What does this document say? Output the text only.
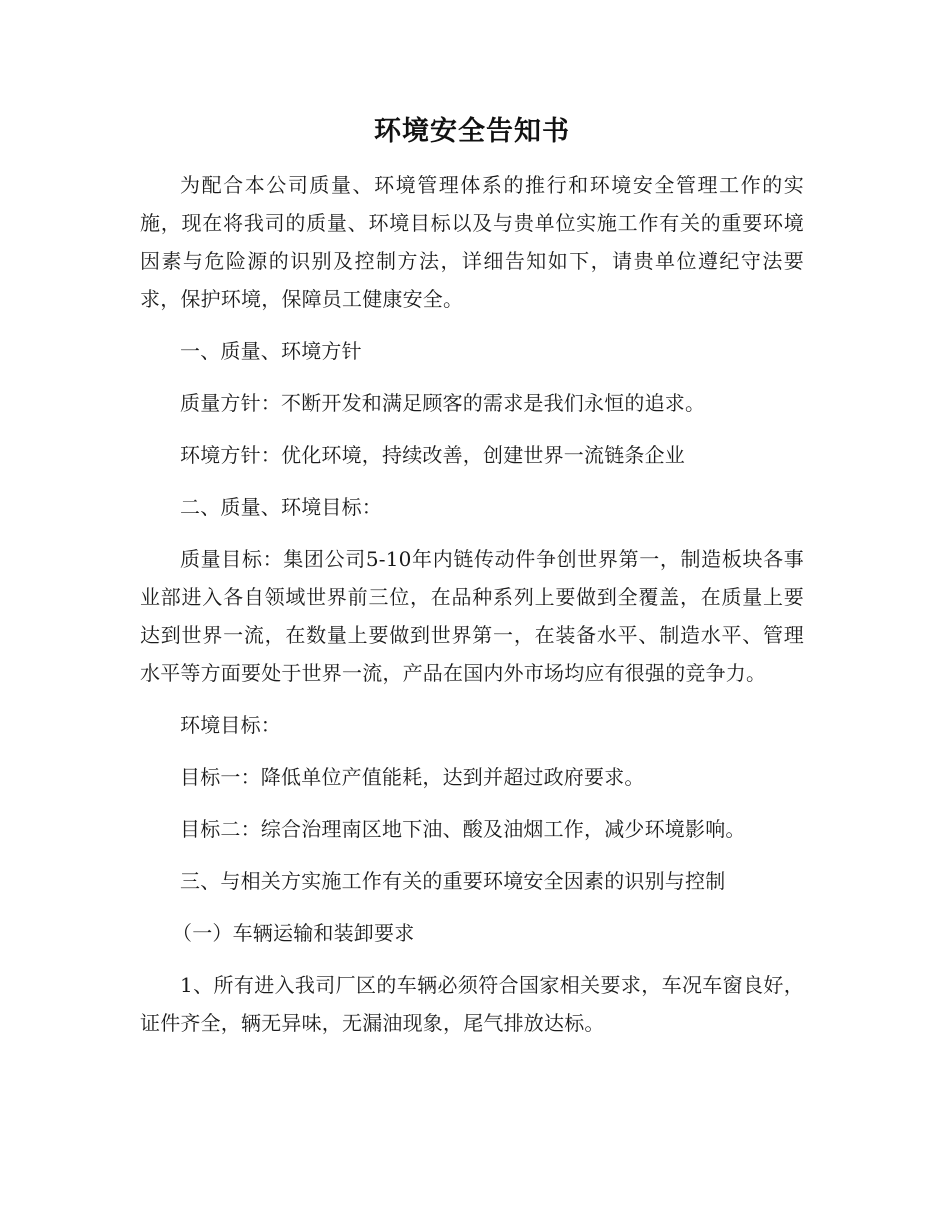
环境安全告知书

为配合本公司质量、环境管理体系的推行和环境安全管理工作的实施，现在将我司的质量、环境目标以及与贵单位实施工作有关的重要环境因素与危险源的识别及控制方法，详细告知如下，请贵单位遵纪守法要求，保护环境，保障员工健康安全。

一、质量、环境方针

质量方针：不断开发和满足顾客的需求是我们永恒的追求。

环境方针：优化环境，持续改善，创建世界一流链条企业

二、质量、环境目标：

质量目标：集团公司5-10年内链传动件争创世界第一，制造板块各事业部进入各自领域世界前三位，在品种系列上要做到全覆盖，在质量上要达到世界一流，在数量上要做到世界第一，在装备水平、制造水平、管理水平等方面要处于世界一流，产品在国内外市场均应有很强的竞争力。

环境目标：

目标一：降低单位产值能耗，达到并超过政府要求。

目标二：综合治理南区地下油、酸及油烟工作，减少环境影响。

三、与相关方实施工作有关的重要环境安全因素的识别与控制

（一）车辆运输和装卸要求

1、所有进入我司厂区的车辆必须符合国家相关要求，车况车窗良好，证件齐全，辆无异味，无漏油现象，尾气排放达标。
